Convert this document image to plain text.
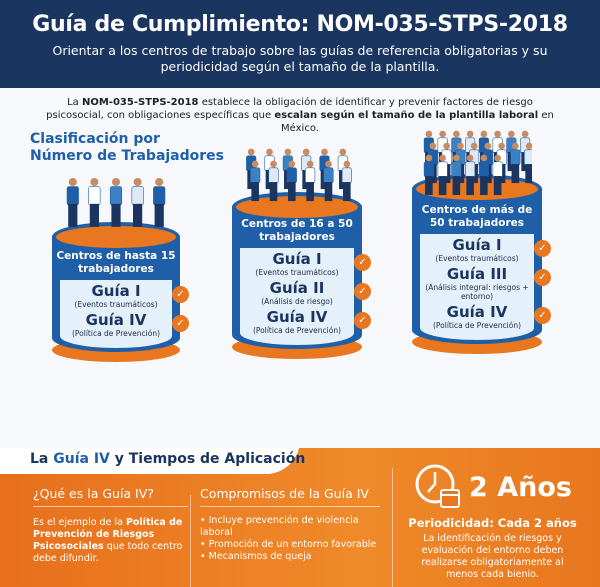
Guía de Cumplimiento: NOM-035-STPS-2018

Orientar a los centros de trabajo sobre las guías de referencia obligatorias y su periodicidad según el tamaño de la plantilla.

La NOM-035-STPS-2018 establece la obligación de identificar y prevenir factores de riesgo psicosocial, con obligaciones específicas que escalan según el tamaño de la plantilla laboral en México.
Clasificación por
Número de Trabajadores
Centros de hasta 15 trabajadores
Guía I
(Eventos traumáticos)
✓
Guía IV
(Política de Prevención)
✓
Centros de 16 a 50 trabajadores
Guía I
(Eventos traumáticos)
✓
Guía II
(Análisis de riesgo)
✓
Guía IV
(Política de Prevención)
✓
Centros de más de 50 trabajadores
Guía I
(Eventos traumáticos)
✓
Guía III
(Análisis integral: riesgos + entorno)
✓
Guía IV
(Política de Prevención)
✓
La Guía IV y Tiempos de Aplicación
¿Qué es la Guía IV?

Es el ejemplo de la Política de Prevención de Riesgos Psicosociales que todo centro debe difundir.

Compromisos de la Guía IV
• Incluye prevención de violencia laboral
• Promoción de un entorno favorable
• Mecanismos de queja
2 Años
Periodicidad: Cada 2 años
La identificación de riesgos y evaluación del entorno deben realizarse obligatoriamente al menos cada bienio.
